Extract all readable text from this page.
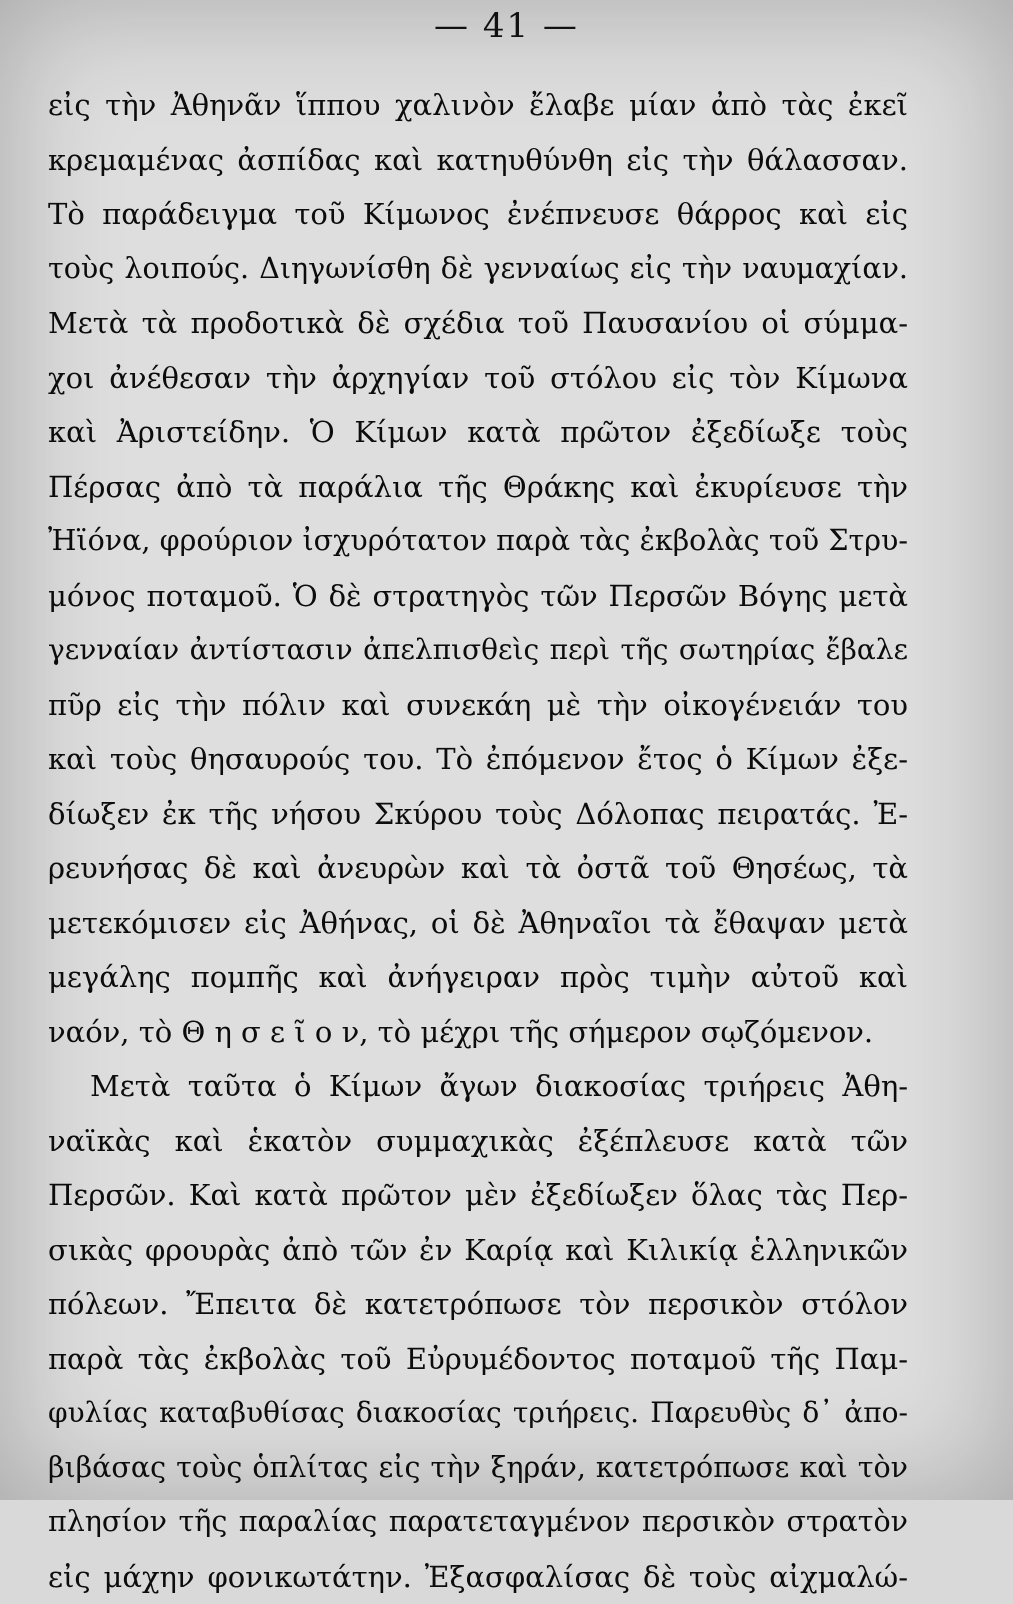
— 41 —
εἰς τὴν Ἀθηνᾶν ἵππου χαλινὸν ἔλαβε μίαν ἀπὸ τὰς ἐκεῖ
κρεμαμένας ἀσπίδας καὶ κατηυθύνθη εἰς τὴν θάλασσαν.
Τὸ παράδειγμα τοῦ Κίμωνος ἐνέπνευσε θάρρος καὶ εἰς
τοὺς λοιπούς. Διηγωνίσθη δὲ γενναίως εἰς τὴν ναυμαχίαν.
Μετὰ τὰ προδοτικὰ δὲ σχέδια τοῦ Παυσανίου οἱ σύμμα-
χοι ἀνέθεσαν τὴν ἀρχηγίαν τοῦ στόλου εἰς τὸν Κίμωνα
καὶ Ἀριστείδην. Ὁ Κίμων κατὰ πρῶτον ἐξεδίωξε τοὺς
Πέρσας ἀπὸ τὰ παράλια τῆς Θράκης καὶ ἐκυρίευσε τὴν
Ἠϊόνα, φρούριον ἰσχυρότατον παρὰ τὰς ἐκβολὰς τοῦ Στρυ-
μόνος ποταμοῦ. Ὁ δὲ στρατηγὸς τῶν Περσῶν Βόγης μετὰ
γενναίαν ἀντίστασιν ἀπελπισθεὶς περὶ τῆς σωτηρίας ἔβαλε
πῦρ εἰς τὴν πόλιν καὶ συνεκάη μὲ τὴν οἰκογένειάν του
καὶ τοὺς θησαυρούς του. Τὸ ἐπόμενον ἔτος ὁ Κίμων ἐξε-
δίωξεν ἐκ τῆς νήσου Σκύρου τοὺς Δόλοπας πειρατάς. Ἐ-
ρευνήσας δὲ καὶ ἀνευρὼν καὶ τὰ ὀστᾶ τοῦ Θησέως, τὰ
μετεκόμισεν εἰς Ἀθήνας, οἱ δὲ Ἀθηναῖοι τὰ ἔθαψαν μετὰ
μεγάλης πομπῆς καὶ ἀνήγειραν πρὸς τιμὴν αὐτοῦ καὶ
ναόν, τὸ Θ η σ ε ῖ ο ν, τὸ μέχρι τῆς σήμερον σῳζόμενον.
Μετὰ ταῦτα ὁ Κίμων ἄγων διακοσίας τριήρεις Ἀθη-
ναϊκὰς καὶ ἑκατὸν συμμαχικὰς ἐξέπλευσε κατὰ τῶν
Περσῶν. Καὶ κατὰ πρῶτον μὲν ἐξεδίωξεν ὅλας τὰς Περ-
σικὰς φρουρὰς ἀπὸ τῶν ἐν Καρίᾳ καὶ Κιλικίᾳ ἑλληνικῶν
πόλεων. Ἔπειτα δὲ κατετρόπωσε τὸν περσικὸν στόλον
παρὰ τὰς ἐκβολὰς τοῦ Εὐρυμέδοντος ποταμοῦ τῆς Παμ-
φυλίας καταβυθίσας διακοσίας τριήρεις. Παρευθὺς δ᾽ ἀπο-
βιβάσας τοὺς ὁπλίτας εἰς τὴν ξηράν, κατετρόπωσε καὶ τὸν
πλησίον τῆς παραλίας παρατεταγμένον περσικὸν στρατὸν
εἰς μάχην φονικωτάτην. Ἐξασφαλίσας δὲ τοὺς αἰχμαλώ-
